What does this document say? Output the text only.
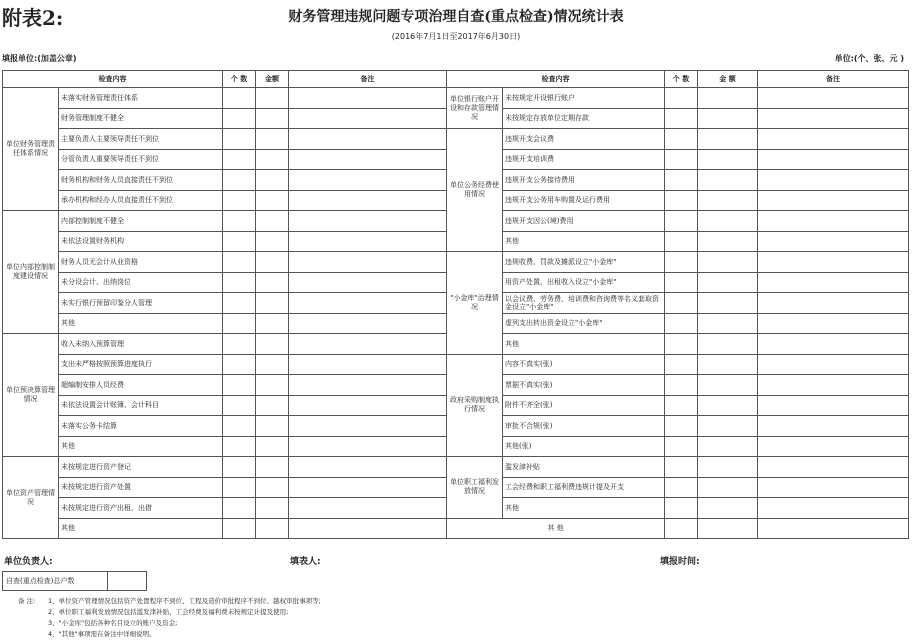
附表2:	财务管理违规问题专项治理自查(重点检查)情况统计表
(2016年7月1日至2017年6月30日)
填报单位:(加盖公章)	单位:(个、张、元 )
检查内容		个 数	金额	备注	检查内容		个 数	金 额	备注
单位财务管理责任体系情况	未落实财务管理责任体系				单位银行账户开设和存款管理情况	未按规定开设银行账户			
	财务管理制度不健全					未按规定存放单位定期存款			
	主要负责人主要领导责任不到位				单位公务经费使用情况	违规开支会议费			
	分管负责人重要领导责任不到位					违规开支培训费			
	财务机构和财务人员直接责任不到位					违规开支公务接待费用			
	承办机构和经办人员直接责任不到位					违规开支公务用车购置及运行费用			
单位内部控制制度建设情况	内部控制制度不健全					违规开支因公(境)费用			
	未依法设置财务机构					其他			
	财务人员无会计从业资格				"小金库"治理情况	违规收费、罚款及摊派设立"小金库"			
	未分设会计、出纳岗位					用资产处置、出租收入设立"小金库"			
	未实行银行预留印鉴分人管理					以会议费、劳务费、培训费和咨询费等名义套取资金设立"小金库"			
	其他					虚列支出转出资金设立"小金库"			
单位预决算管理情况	收入未纳入预算管理					其他			
	支出未严格按照预算进度执行				政府采购制度执行情况	内容不真实(张)			
	超编制安排人员经费					票据不真实(张)			
	未依法设置会计账簿、会计科目					附件不齐全(张)			
	未落实公务卡结算					审批不合规(张)			
	其他					其他(张)			
单位资产管理情况	未按规定进行资产登记				单位职工福利发放情况	滥发津补贴			
	未按规定进行资产处置					工会经费和职工福利费违规计提及开支			
	未按规定进行资产出租、出借					其他			
	其他				其 他				
单位负责人:	填表人:	填报时间:
自查(重点检查)总户数	
备 注: 1、单位资产管理情况包括资产处置程序不到位、工程及造价审批程序不到位、越权审批事项等;
2、单位职工福利发放情况包括滥发津补贴、工会经费及福利费未按规定计提及使用;
3、"小金库"包括各种名目设立的账户及资金;
4、"其他"事项需在备注中详细说明。
